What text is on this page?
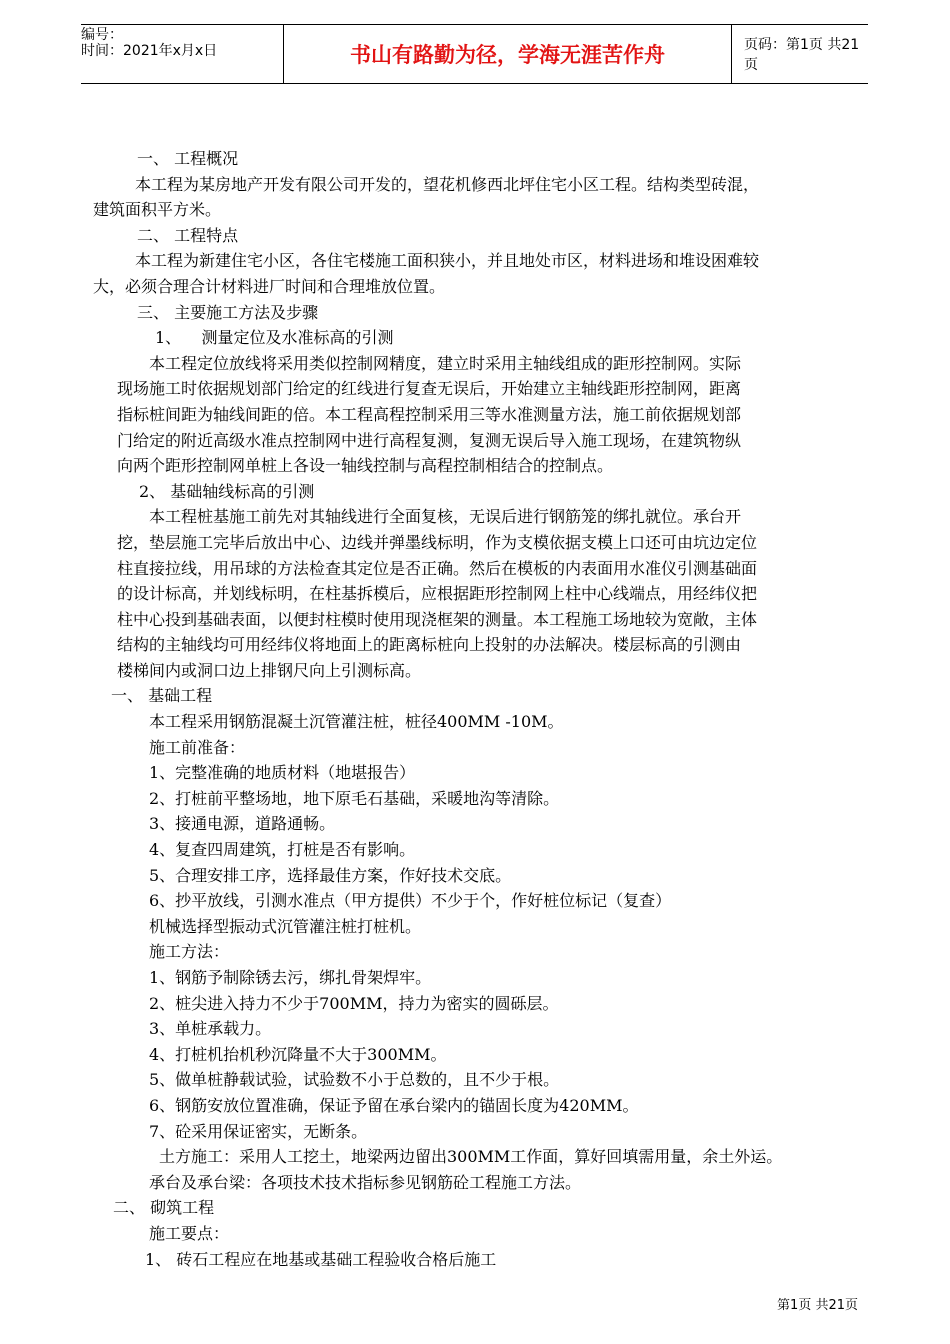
编号：
时间：2021年x月x日	书山有路勤为径，学海无涯苦作舟	页码：第1页 共21页
一、 工程概况
本工程为某房地产开发有限公司开发的，望花机修西北坪住宅小区工程。结构类型砖混，
建筑面积平方米。
二、 工程特点
本工程为新建住宅小区，各住宅楼施工面积狭小，并且地处市区，材料进场和堆设困难较
大，必须合理合计材料进厂时间和合理堆放位置。
三、 主要施工方法及步骤
1、    测量定位及水准标高的引测
本工程定位放线将采用类似控制网精度，建立时采用主轴线组成的距形控制网。实际
现场施工时依据规划部门给定的红线进行复查无误后，开始建立主轴线距形控制网，距离
指标桩间距为轴线间距的倍。本工程高程控制采用三等水准测量方法，施工前依据规划部
门给定的附近高级水准点控制网中进行高程复测，复测无误后导入施工现场，在建筑物纵
向两个距形控制网单桩上各设一轴线控制与高程控制相结合的控制点。
2、 基础轴线标高的引测
本工程桩基施工前先对其轴线进行全面复核，无误后进行钢筋笼的绑扎就位。承台开
挖，垫层施工完毕后放出中心、边线并弹墨线标明，作为支模依据支模上口还可由坑边定位
柱直接拉线，用吊球的方法检查其定位是否正确。然后在模板的内表面用水准仪引测基础面
的设计标高，并划线标明，在柱基拆模后，应根据距形控制网上柱中心线端点，用经纬仪把
柱中心投到基础表面，以便封柱模时使用现浇框架的测量。本工程施工场地较为宽敞，主体
结构的主轴线均可用经纬仪将地面上的距离标桩向上投射的办法解决。楼层标高的引测由
楼梯间内或洞口边上排钢尺向上引测标高。
一、 基础工程
本工程采用钢筋混凝土沉管灌注桩，桩径400MM -10M。
施工前准备：
1、完整准确的地质材料（地堪报告）
2、打桩前平整场地，地下原毛石基础，采暖地沟等清除。
3、接通电源，道路通畅。
4、复查四周建筑，打桩是否有影响。
5、合理安排工序，选择最佳方案，作好技术交底。
6、抄平放线，引测水准点（甲方提供）不少于个，作好桩位标记（复查）
机械选择型振动式沉管灌注桩打桩机。
施工方法：
1、钢筋予制除锈去污，绑扎骨架焊牢。
2、桩尖进入持力不少于700MM，持力为密实的圆砾层。
3、单桩承载力。
4、打桩机抬机秒沉降量不大于300MM。
5、做单桩静载试验，试验数不小于总数的，且不少于根。
6、钢筋安放位置准确，保证予留在承台梁内的锚固长度为420MM。
7、砼采用保证密实，无断条。
土方施工：采用人工挖土，地梁两边留出300MM工作面，算好回填需用量，余土外运。
承台及承台梁：各项技术技术指标参见钢筋砼工程施工方法。
二、 砌筑工程
施工要点：
1、 砖石工程应在地基或基础工程验收合格后施工
第1页 共21页
